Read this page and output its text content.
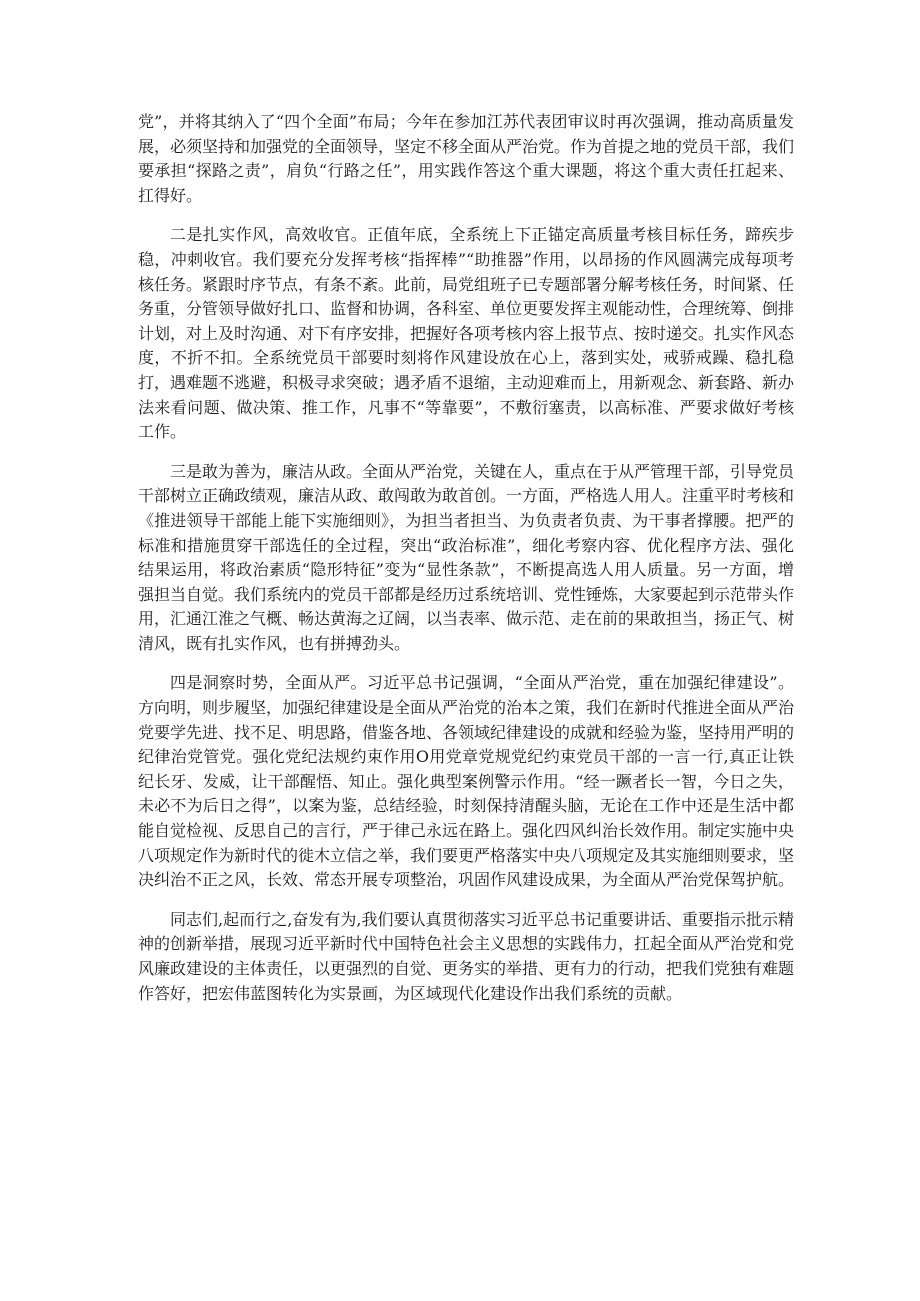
党”，并将其纳入了“四个全面”布局；今年在参加江苏代表团审议时再次强调，推动高质量发展，必须坚持和加强党的全面领导，坚定不移全面从严治党。作为首提之地的党员干部，我们要承担“探路之责”，肩负“行路之任”，用实践作答这个重大课题，将这个重大责任扛起来、扛得好。

二是扎实作风，高效收官。正值年底，全系统上下正锚定高质量考核目标任务，蹄疾步稳，冲刺收官。我们要充分发挥考核“指挥棒”“助推器”作用，以昂扬的作风圆满完成每项考核任务。紧跟时序节点，有条不紊。此前，局党组班子已专题部署分解考核任务，时间紧、任务重，分管领导做好扎口、监督和协调，各科室、单位更要发挥主观能动性，合理统筹、倒排计划，对上及时沟通、对下有序安排，把握好各项考核内容上报节点、按时递交。扎实作风态度，不折不扣。全系统党员干部要时刻将作风建设放在心上，落到实处，戒骄戒躁、稳扎稳打，遇难题不逃避，积极寻求突破；遇矛盾不退缩，主动迎难而上，用新观念、新套路、新办法来看问题、做决策、推工作，凡事不“等靠要”，不敷衍塞责，以高标准、严要求做好考核工作。

三是敢为善为，廉洁从政。全面从严治党，关键在人，重点在于从严管理干部，引导党员干部树立正确政绩观，廉洁从政、敢闯敢为敢首创。一方面，严格选人用人。注重平时考核和《推进领导干部能上能下实施细则》，为担当者担当、为负责者负责、为干事者撑腰。把严的标准和措施贯穿干部选任的全过程，突出“政治标准”，细化考察内容、优化程序方法、强化结果运用，将政治素质“隐形特征”变为“显性条款”，不断提高选人用人质量。另一方面，增强担当自觉。我们系统内的党员干部都是经历过系统培训、党性锤炼，大家要起到示范带头作用，汇通江淮之气概、畅达黄海之辽阔，以当表率、做示范、走在前的果敢担当，扬正气、树清风，既有扎实作风，也有拼搏劲头。

四是洞察时势，全面从严。习近平总书记强调，“全面从严治党，重在加强纪律建设”。方向明，则步履坚，加强纪律建设是全面从严治党的治本之策，我们在新时代推进全面从严治党要学先进、找不足、明思路，借鉴各地、各领域纪律建设的成就和经验为鉴，坚持用严明的纪律治党管党。强化党纪法规约束作用O用党章党规党纪约束党员干部的一言一行,真正让铁纪长牙、发威，让干部醒悟、知止。强化典型案例警示作用。“经一蹶者长一智，今日之失，未必不为后日之得”，以案为鉴，总结经验，时刻保持清醒头脑，无论在工作中还是生活中都能自觉检视、反思自己的言行，严于律己永远在路上。强化四风纠治长效作用。制定实施中央八项规定作为新时代的徙木立信之举，我们要更严格落实中央八项规定及其实施细则要求，坚决纠治不正之风，长效、常态开展专项整治，巩固作风建设成果，为全面从严治党保驾护航。

同志们,起而行之,奋发有为,我们要认真贯彻落实习近平总书记重要讲话、重要指示批示精神的创新举措，展现习近平新时代中国特色社会主义思想的实践伟力，扛起全面从严治党和党风廉政建设的主体责任，以更强烈的自觉、更务实的举措、更有力的行动，把我们党独有难题作答好，把宏伟蓝图转化为实景画，为区域现代化建设作出我们系统的贡献。
